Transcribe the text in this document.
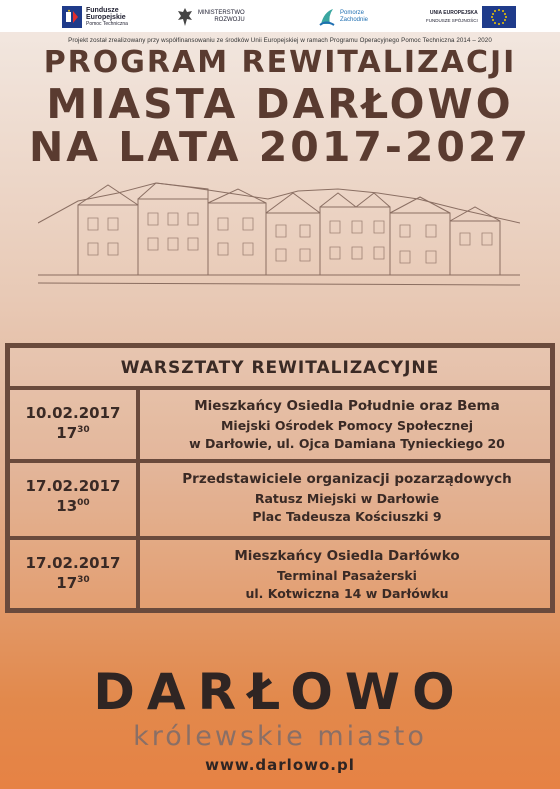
Fundusze
Europejskie
Pomoc Techniczna
MINISTERSTWO
ROZWOJU
Pomorze
Zachodnie
UNIA EUROPEJSKA
FUNDUSZE SPÓJNOŚCI

Projekt został zrealizowany przy współfinansowaniu ze środków Unii Europejskiej w ramach Programu Operacyjnego Pomoc Techniczna 2014 – 2020

PROGRAM REWITALIZACJI
MIASTA DARŁOWO
NA LATA 2017-2027
WARSZTATY REWITALIZACYJNE
10.02.2017
$17^{30}$
Mieszkańcy Osiedla Południe oraz Bema
Miejski Ośrodek Pomocy Społecznej
w Darłowie, ul. Ojca Damiana Tynieckiego 20
17.02.2017
$13^{00}$
Przedstawiciele organizacji pozarządowych
Ratusz Miejski w Darłowie
Plac Tadeusza Kościuszki 9
17.02.2017
$17^{30}$
Mieszkańcy Osiedla Darłówko
Terminal Pasażerski
ul. Kotwiczna 14 w Darłówku
DARŁOWO

królewskie miasto

www.darlowo.pl
